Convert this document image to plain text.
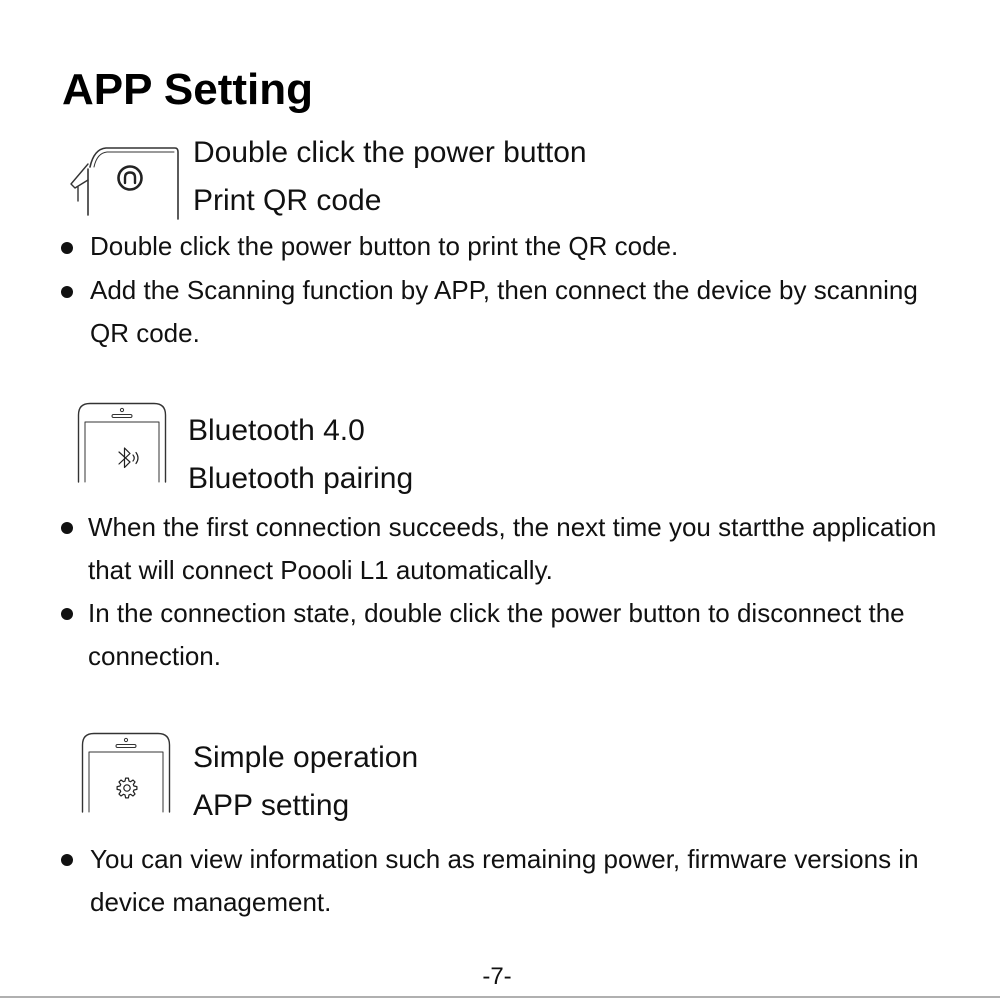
APP Setting
Double click the power button
Print QR code
Double click the power button to print the QR code.
Add the Scanning function by APP, then connect the device by scanning
QR code.
Bluetooth 4.0
Bluetooth pairing
When the first connection succeeds, the next time you startthe application
that will connect Poooli L1 automatically.
In the connection state, double click the power button to disconnect the
connection.
Simple operation
APP setting
You can view information such as remaining power, firmware versions in
device management.
-7-
